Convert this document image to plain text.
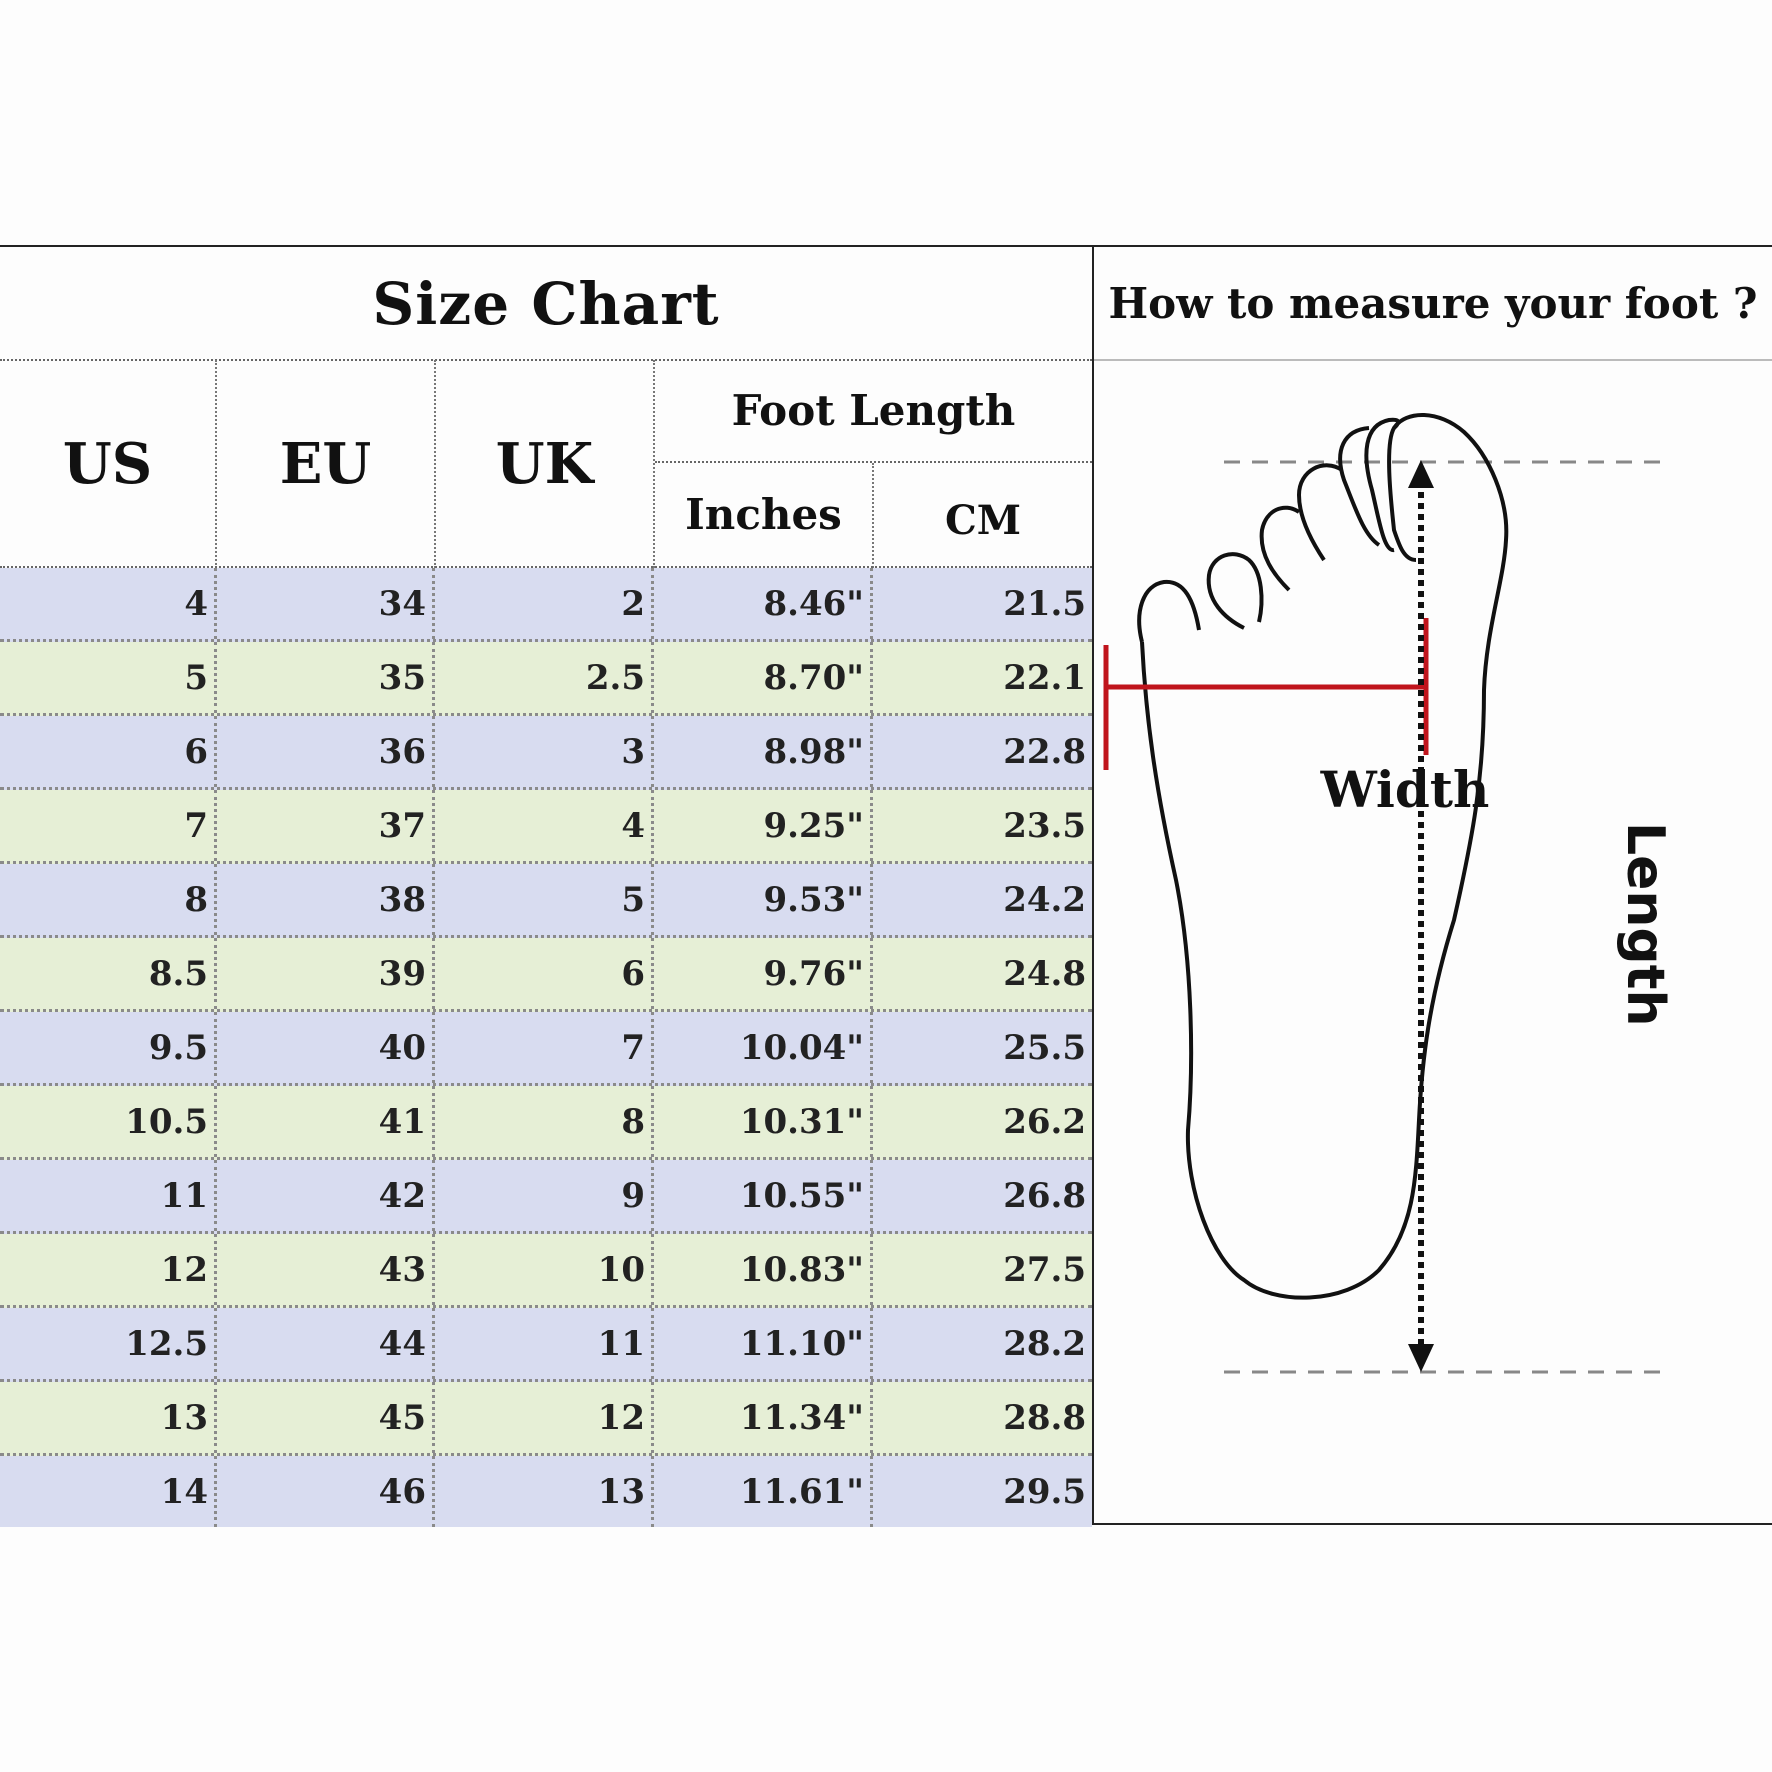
Size Chart
US	EU	UK
Foot Length
Inches	CM
4	34	2	8.46"	21.5
5	35	2.5	8.70"	22.1
6	36	3	8.98"	22.8
7	37	4	9.25"	23.5
8	38	5	9.53"	24.2
8.5	39	6	9.76"	24.8
9.5	40	7	10.04"	25.5
10.5	41	8	10.31"	26.2
11	42	9	10.55"	26.8
12	43	10	10.83"	27.5
12.5	44	11	11.10"	28.2
13	45	12	11.34"	28.8
14	46	13	11.61"	29.5
How to measure your foot ?
Width
Length
